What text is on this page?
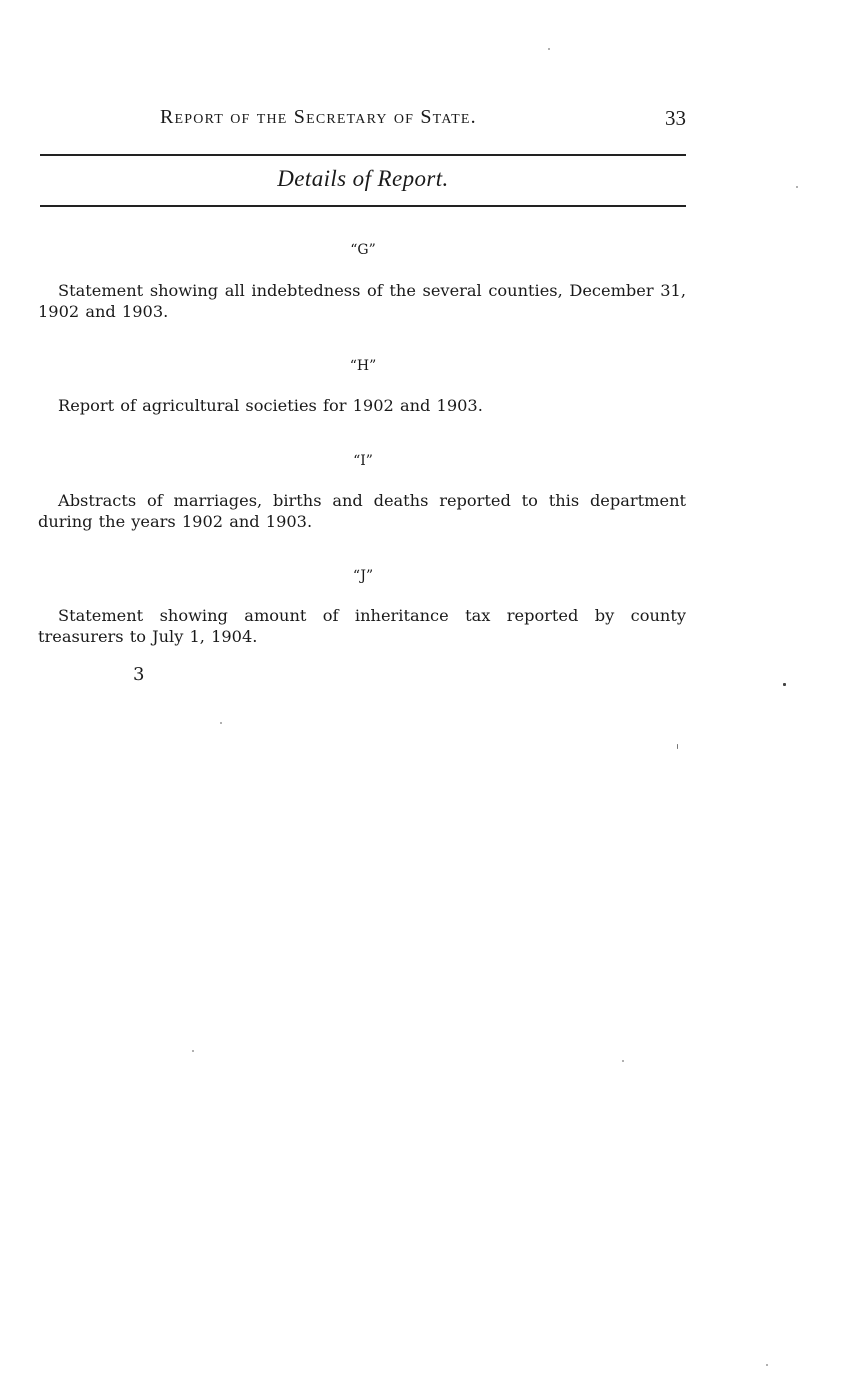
Report of the Secretary of State.	33
Details of Report.
“G”

Statement showing all indebtedness of the several counties, December 31, 1902 and 1903.

“H”

Report of agricultural societies for 1902 and 1903.

“I”

Abstracts of marriages, births and deaths reported to this department during the years 1902 and 1903.

“J”

Statement showing amount of inheritance tax reported by county treasurers to July 1, 1904.

3
